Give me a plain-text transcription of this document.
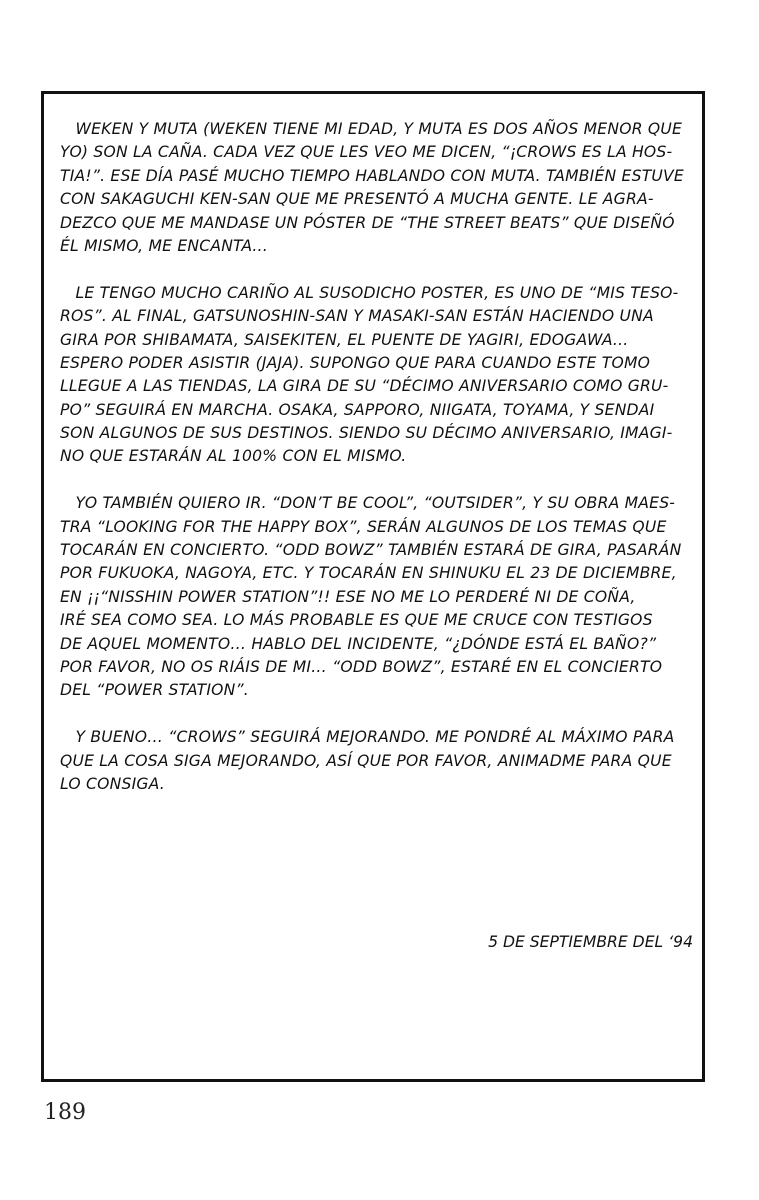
WEKEN Y MUTA (WEKEN TIENE MI EDAD, Y MUTA ES DOS AÑOS MENOR QUE
YO) SON LA CAÑA. CADA VEZ QUE LES VEO ME DICEN, “¡CROWS ES LA HOS-
TIA!”. ESE DÍA PASÉ MUCHO TIEMPO HABLANDO CON MUTA. TAMBIÉN ESTUVE
CON SAKAGUCHI KEN-SAN QUE ME PRESENTÓ A MUCHA GENTE. LE AGRA-
DEZCO QUE ME MANDASE UN PÓSTER DE “THE STREET BEATS” QUE DISEÑÓ
ÉL MISMO, ME ENCANTA…
LE TENGO MUCHO CARIÑO AL SUSODICHO POSTER, ES UNO DE “MIS TESO-
ROS”. AL FINAL, GATSUNOSHIN-SAN Y MASAKI-SAN ESTÁN HACIENDO UNA
GIRA POR SHIBAMATA, SAISEKITEN, EL PUENTE DE YAGIRI, EDOGAWA…
ESPERO PODER ASISTIR (JAJA). SUPONGO QUE PARA CUANDO ESTE TOMO
LLEGUE A LAS TIENDAS, LA GIRA DE SU “DÉCIMO ANIVERSARIO COMO GRU-
PO” SEGUIRÁ EN MARCHA. OSAKA, SAPPORO, NIIGATA, TOYAMA, Y SENDAI
SON ALGUNOS DE SUS DESTINOS. SIENDO SU DÉCIMO ANIVERSARIO, IMAGI-
NO QUE ESTARÁN AL 100% CON EL MISMO.
YO TAMBIÉN QUIERO IR. “DON’T BE COOL”, “OUTSIDER”, Y SU OBRA MAES-
TRA “LOOKING FOR THE HAPPY BOX”, SERÁN ALGUNOS DE LOS TEMAS QUE
TOCARÁN EN CONCIERTO. “ODD BOWZ” TAMBIÉN ESTARÁ DE GIRA, PASARÁN
POR FUKUOKA, NAGOYA, ETC. Y TOCARÁN EN SHINUKU EL 23 DE DICIEMBRE,
EN ¡¡“NISSHIN POWER STATION”!! ESE NO ME LO PERDERÉ NI DE COÑA,
IRÉ SEA COMO SEA. LO MÁS PROBABLE ES QUE ME CRUCE CON TESTIGOS
DE AQUEL MOMENTO… HABLO DEL INCIDENTE, “¿DÓNDE ESTÁ EL BAÑO?”
POR FAVOR, NO OS RIÁIS DE MI… “ODD BOWZ”, ESTARÉ EN EL CONCIERTO
DEL “POWER STATION”.
Y BUENO… “CROWS” SEGUIRÁ MEJORANDO. ME PONDRÉ AL MÁXIMO PARA
QUE LA COSA SIGA MEJORANDO, ASÍ QUE POR FAVOR, ANIMADME PARA QUE
LO CONSIGA.
5 DE SEPTIEMBRE DEL ‘94
189
